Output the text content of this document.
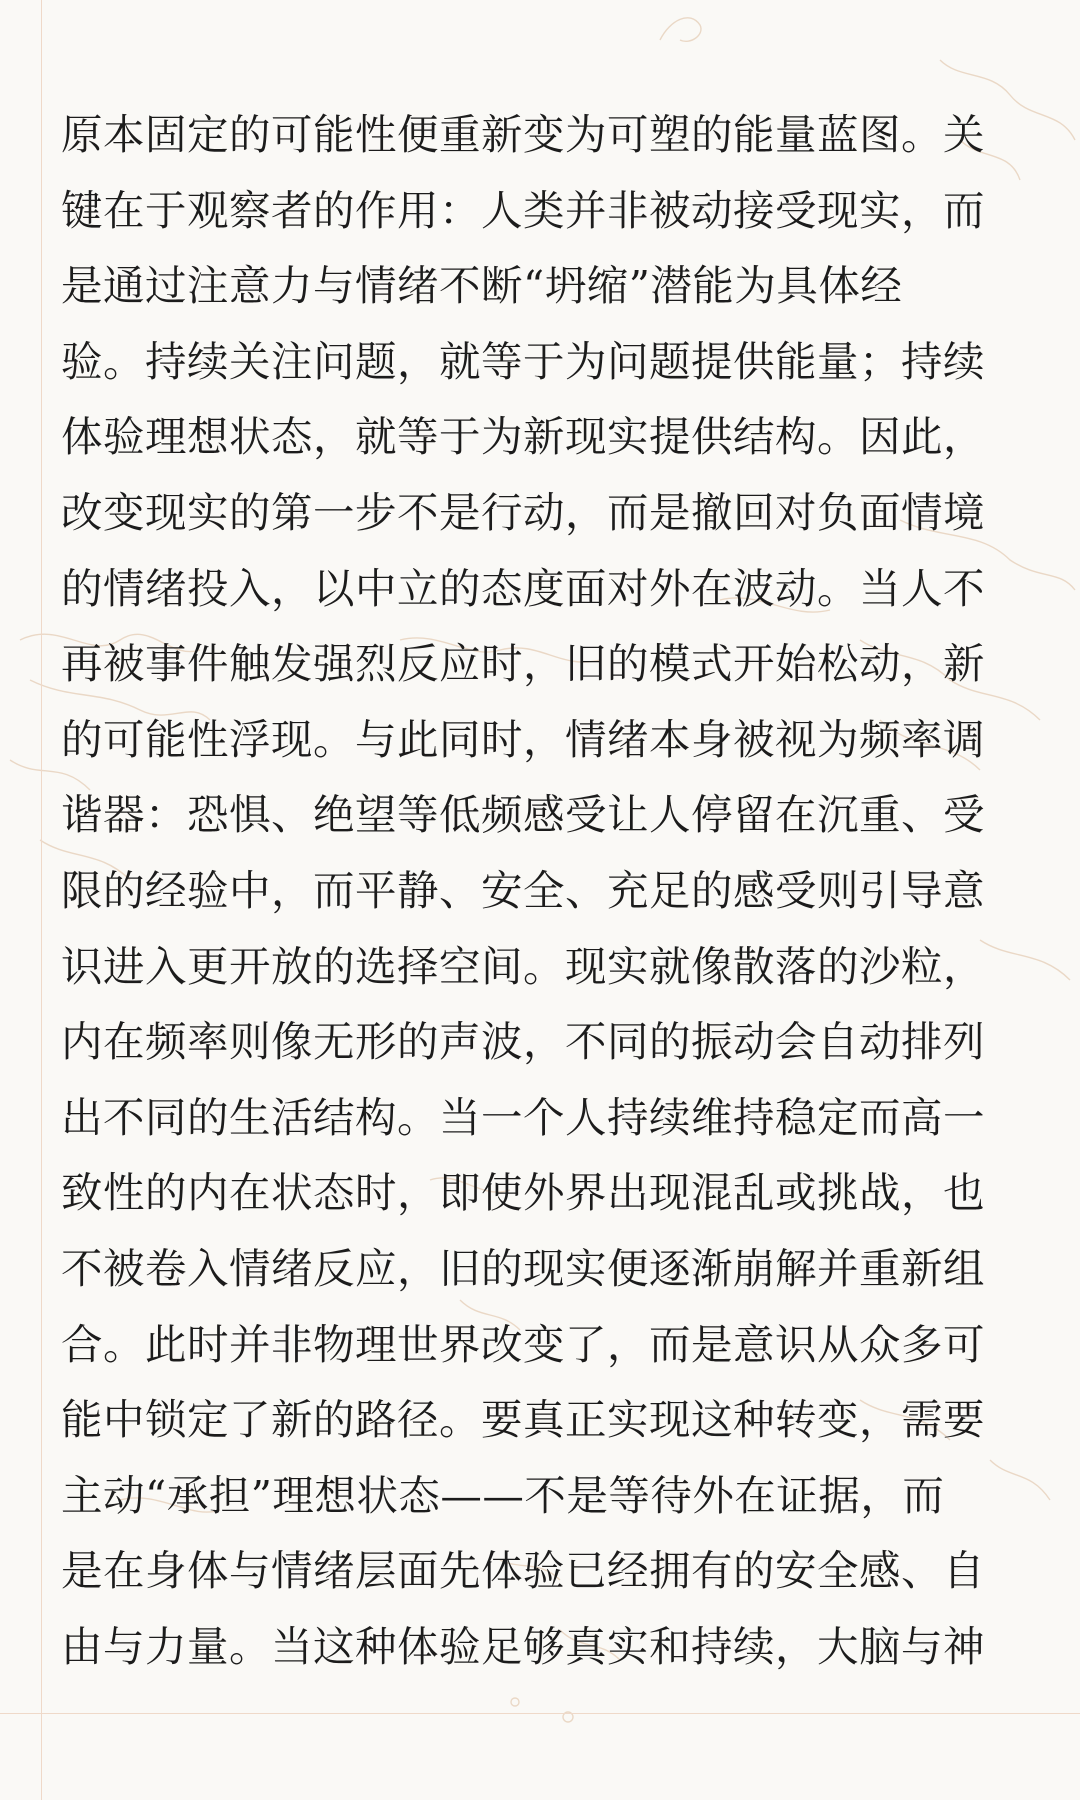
原本固定的可能性便重新变为可塑的能量蓝图。关
键在于观察者的作用：人类并非被动接受现实，而
是通过注意力与情绪不断“坍缩”潜能为具体经
验。持续关注问题，就等于为问题提供能量；持续
体验理想状态，就等于为新现实提供结构。因此，
改变现实的第一步不是行动，而是撤回对负面情境
的情绪投入，以中立的态度面对外在波动。当人不
再被事件触发强烈反应时，旧的模式开始松动，新
的可能性浮现。与此同时，情绪本身被视为频率调
谐器：恐惧、绝望等低频感受让人停留在沉重、受
限的经验中，而平静、安全、充足的感受则引导意
识进入更开放的选择空间。现实就像散落的沙粒，
内在频率则像无形的声波，不同的振动会自动排列
出不同的生活结构。当一个人持续维持稳定而高一
致性的内在状态时，即使外界出现混乱或挑战，也
不被卷入情绪反应，旧的现实便逐渐崩解并重新组
合。此时并非物理世界改变了，而是意识从众多可
能中锁定了新的路径。要真正实现这种转变，需要
主动“承担”理想状态——不是等待外在证据，而
是在身体与情绪层面先体验已经拥有的安全感、自
由与力量。当这种体验足够真实和持续，大脑与神
